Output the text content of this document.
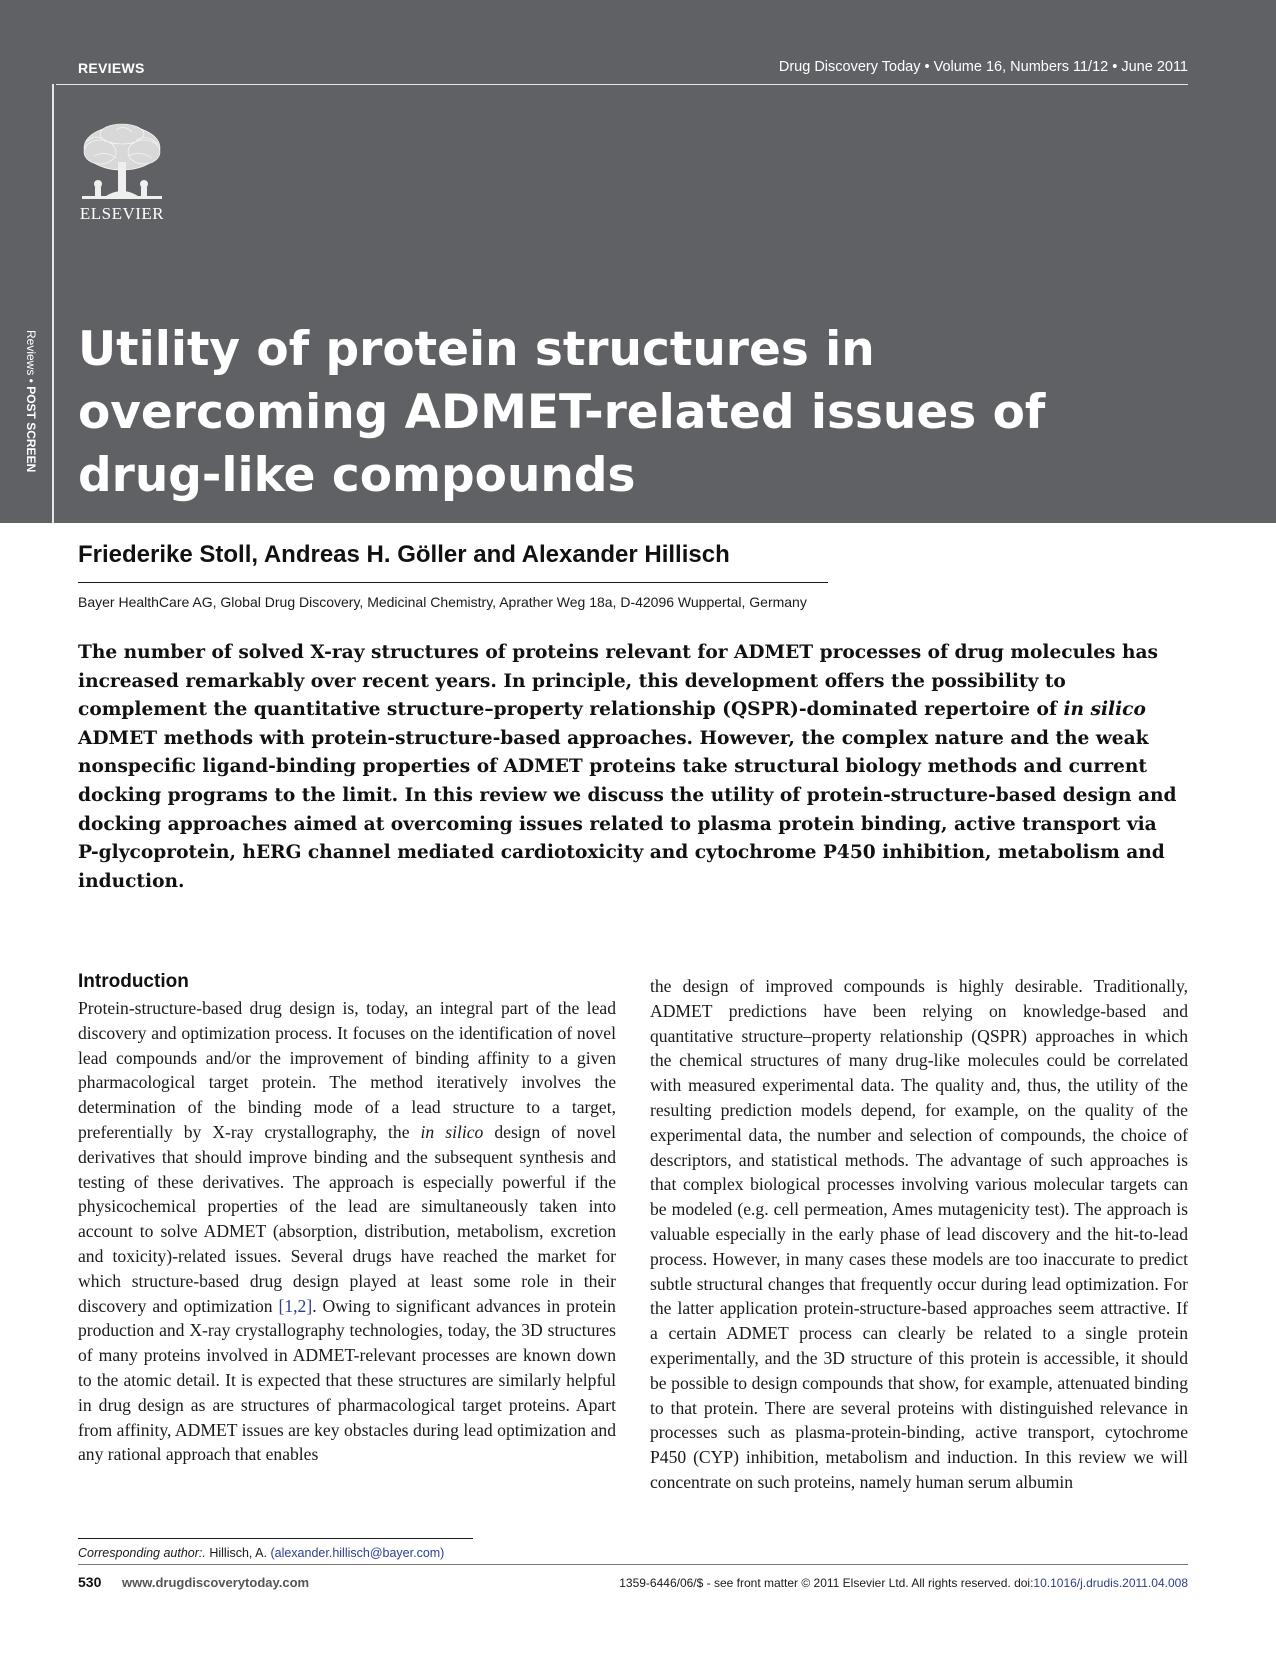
REVIEWS	Drug Discovery Today • Volume 16, Numbers 11/12 • June 2011
ELSEVIER
Reviews • POST SCREEN
Utility of protein structures in
overcoming ADMET-related issues of
drug-like compounds
Friederike Stoll, Andreas H. Göller and Alexander Hillisch
Bayer HealthCare AG, Global Drug Discovery, Medicinal Chemistry, Aprather Weg 18a, D-42096 Wuppertal, Germany

The number of solved X-ray structures of proteins relevant for ADMET processes of drug molecules has increased remarkably over recent years. In principle, this development offers the possibility to complement the quantitative structure–property relationship (QSPR)-dominated repertoire of in silico ADMET methods with protein-structure-based approaches. However, the complex nature and the weak nonspecific ligand-binding properties of ADMET proteins take structural biology methods and current docking programs to the limit. In this review we discuss the utility of protein-structure-based design and docking approaches aimed at overcoming issues related to plasma protein binding, active transport via P-glycoprotein, hERG channel mediated cardiotoxicity and cytochrome P450 inhibition, metabolism and induction.

Introduction

Protein-structure-based drug design is, today, an integral part of the lead discovery and optimization process. It focuses on the identification of novel lead compounds and/or the improvement of binding affinity to a given pharmacological target protein. The method iteratively involves the determination of the binding mode of a lead structure to a target, preferentially by X-ray crystallography, the in silico design of novel derivatives that should improve binding and the subsequent synthesis and testing of these derivatives. The approach is especially powerful if the physicochemical properties of the lead are simultaneously taken into account to solve ADMET (absorption, distribution, metabolism, excretion and toxicity)-related issues. Several drugs have reached the market for which structure-based drug design played at least some role in their discovery and optimization [1,2]. Owing to significant advances in protein production and X-ray crystallography technologies, today, the 3D structures of many proteins involved in ADMET-relevant processes are known down to the atomic detail. It is expected that these structures are similarly helpful in drug design as are structures of pharmacological target proteins. Apart from affinity, ADMET issues are key obstacles during lead optimization and any rational approach that enables

the design of improved compounds is highly desirable. Traditionally, ADMET predictions have been relying on knowledge-based and quantitative structure–property relationship (QSPR) approaches in which the chemical structures of many drug-like molecules could be correlated with measured experimental data. The quality and, thus, the utility of the resulting prediction models depend, for example, on the quality of the experimental data, the number and selection of compounds, the choice of descriptors, and statistical methods. The advantage of such approaches is that complex biological processes involving various molecular targets can be modeled (e.g. cell permeation, Ames mutagenicity test). The approach is valuable especially in the early phase of lead discovery and the hit-to-lead process. However, in many cases these models are too inaccurate to predict subtle structural changes that frequently occur during lead optimization. For the latter application protein-structure-based approaches seem attractive. If a certain ADMET process can clearly be related to a single protein experimentally, and the 3D structure of this protein is accessible, it should be possible to design compounds that show, for example, attenuated binding to that protein. There are several proteins with distinguished relevance in processes such as plasma-protein-binding, active transport, cytochrome P450 (CYP) inhibition, metabolism and induction. In this review we will concentrate on such proteins, namely human serum albumin

Corresponding author:. Hillisch, A. (alexander.hillisch@bayer.com)
530 www.drugdiscoverytoday.com	1359-6446/06/$ - see front matter © 2011 Elsevier Ltd. All rights reserved. doi:10.1016/j.drudis.2011.04.008
